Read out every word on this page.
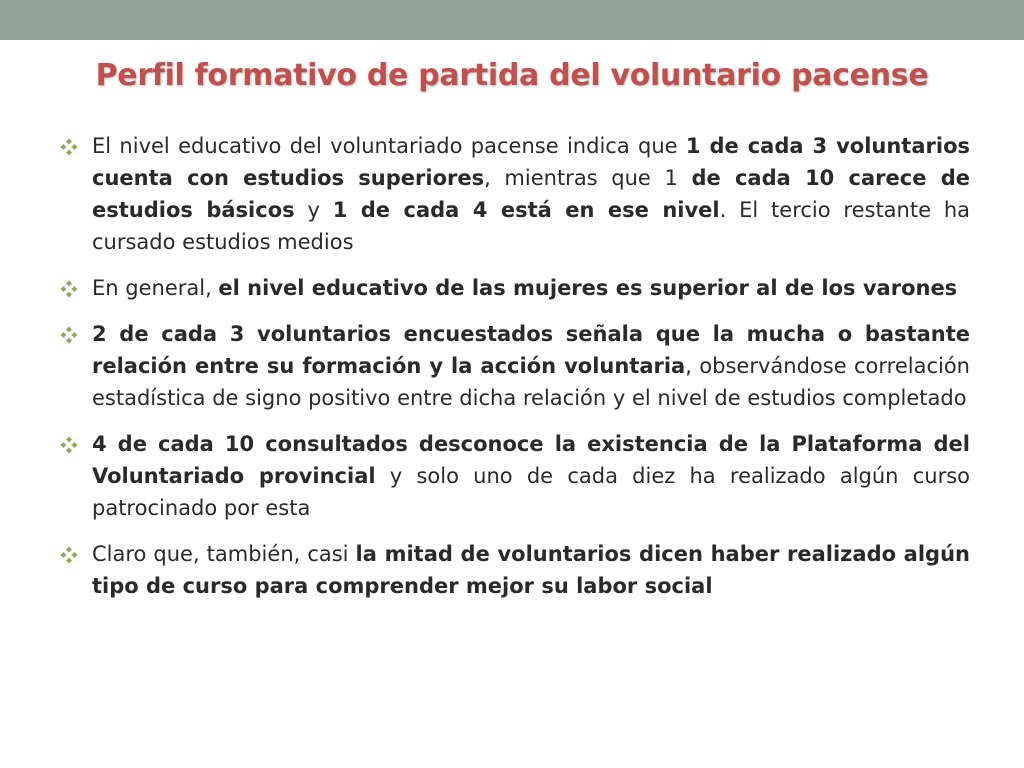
Perfil formativo de partida del voluntario pacense
El nivel educativo del voluntariado pacense indica que 1 de cada 3 voluntarios cuenta con estudios superiores, mientras que 1 de cada 10 carece de estudios básicos y 1 de cada 4 está en ese nivel. El tercio restante ha cursado estudios medios
En general, el nivel educativo de las mujeres es superior al de los varones
2 de cada 3 voluntarios encuestados señala que la mucha o bastante relación entre su formación y la acción voluntaria, observándose correlación estadística de signo positivo entre dicha relación y el nivel de estudios completado
4 de cada 10 consultados desconoce la existencia de la Plataforma del Voluntariado provincial y solo uno de cada diez ha realizado algún curso patrocinado por esta
Claro que, también, casi la mitad de voluntarios dicen haber realizado algún tipo de curso para comprender mejor su labor social
